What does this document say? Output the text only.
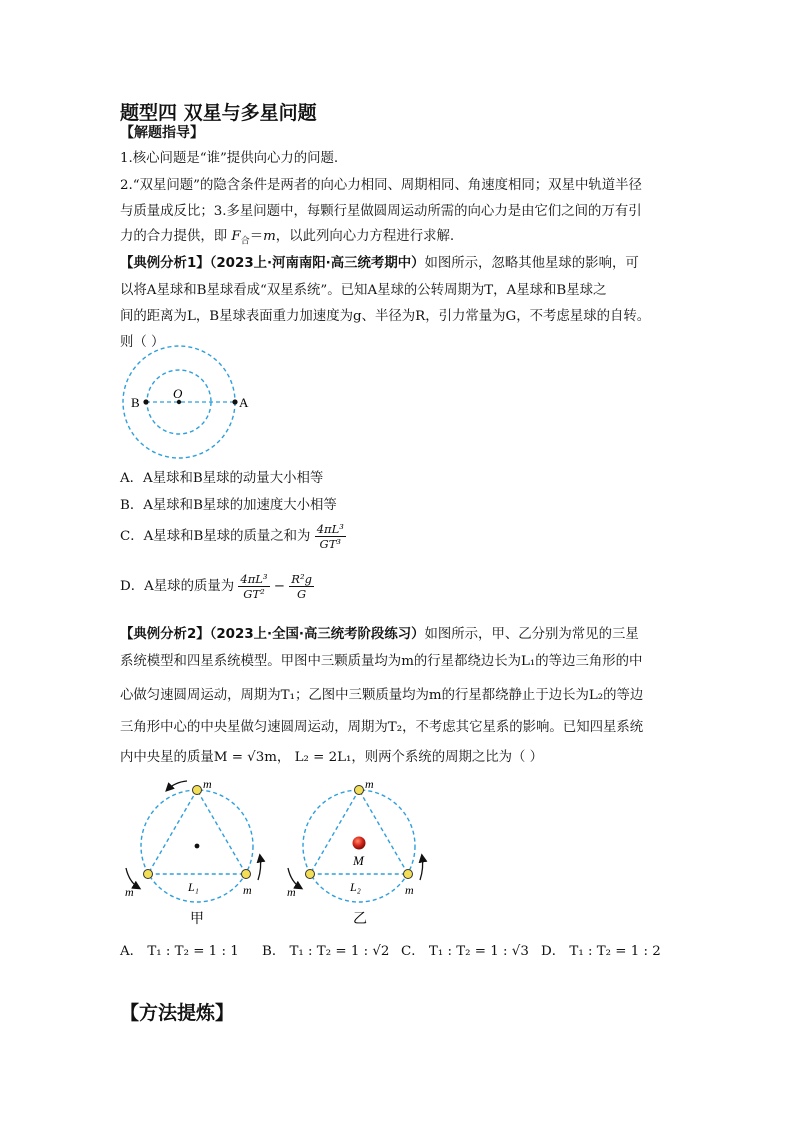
题型四 双星与多星问题
【解题指导】
1.核心问题是“谁”提供向心力的问题.
2.“双星问题”的隐含条件是两者的向心力相同、周期相同、角速度相同；双星中轨道半径
与质量成反比；3.多星问题中，每颗行星做圆周运动所需的向心力是由它们之间的万有引
力的合力提供，即 $F_合=m$，以此列向心力方程进行求解.
【典例分析1】（2023上·河南南阳·高三统考期中）如图所示，忽略其他星球的影响，可
以将A星球和B星球看成“双星系统”。已知A星球的公转周期为T，A星球和B星球之
间的距离为L，B星球表面重力加速度为g、半径为R，引力常量为G，不考虑星球的自转。
则（ ）
B
O
A
A．A星球和B星球的动量大小相等
B．A星球和B星球的加速度大小相等
C．A星球和B星球的质量之和为 $\frac{\text{4πL³}}{\text{GT³}}$
D．A星球的质量为 $\frac{\text{4πL³}}{\text{GT²}} - \frac{\text{R²g}}{G}$
【典例分析2】（2023上·全国·高三统考阶段练习）如图所示，甲、乙分别为常见的三星
系统模型和四星系统模型。甲图中三颗质量均为m的行星都绕边长为L₁的等边三角形的中
心做匀速圆周运动，周期为T₁；乙图中三颗质量均为m的行星都绕静止于边长为L₂的等边
三角形中心的中央星做匀速圆周运动，周期为T₂，不考虑其它星系的影响。已知四星系统
内中央星的质量M = √3m， L₂ = 2L₁，则两个系统的周期之比为（ ）
m
m	m
L₁
甲
m
M
m	m
L₂
乙
A． T₁ : T₂ = 1 : 1 B． T₁ : T₂ = 1 : √2 C． T₁ : T₂ = 1 : √3 D． T₁ : T₂ = 1 : 2
【方法提炼】
